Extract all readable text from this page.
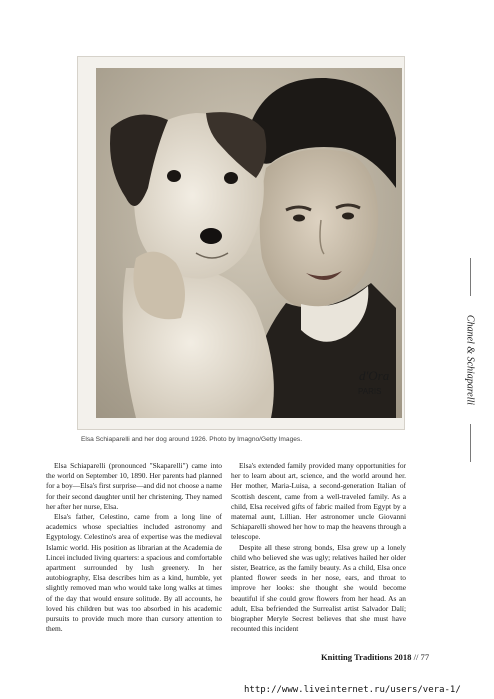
d'Ora
PARIS
Elsa Schiaparelli and her dog around 1926. Photo by Imagno/Getty Images.
Chanel & Schiaparelli

Elsa Schiaparelli (pronounced "Skaparelli") came into the world on September 10, 1890. Her parents had planned for a boy—Elsa's first surprise—and did not choose a name for their second daughter until her christening. They named her after her nurse, Elsa.

Elsa's father, Celestino, came from a long line of academics whose specialties included astronomy and Egyptology. Celestino's area of expertise was the medieval Islamic world. His position as librarian at the Academia de Lincei included living quarters: a spacious and comfortable apartment surrounded by lush greenery. In her autobiography, Elsa describes him as a kind, humble, yet slightly removed man who would take long walks at times of the day that would ensure solitude. By all accounts, he loved his children but was too absorbed in his academic pursuits to provide much more than cursory attention to them.

Elsa's extended family provided many opportunities for her to learn about art, science, and the world around her. Her mother, Maria-Luisa, a second-generation Italian of Scottish descent, came from a well-traveled family. As a child, Elsa received gifts of fabric mailed from Egypt by a maternal aunt, Lillian. Her astronomer uncle Giovanni Schiaparelli showed her how to map the heavens through a telescope.

Despite all these strong bonds, Elsa grew up a lonely child who believed she was ugly; relatives hailed her older sister, Beatrice, as the family beauty. As a child, Elsa once planted flower seeds in her nose, ears, and throat to improve her looks: she thought she would become beautiful if she could grow flowers from her head. As an adult, Elsa befriended the Surrealist artist Salvador Dalí; biographer Meryle Secrest believes that she must have recounted this incident

Knitting Traditions 2018 // 77
http://www.liveinternet.ru/users/vera-1/
